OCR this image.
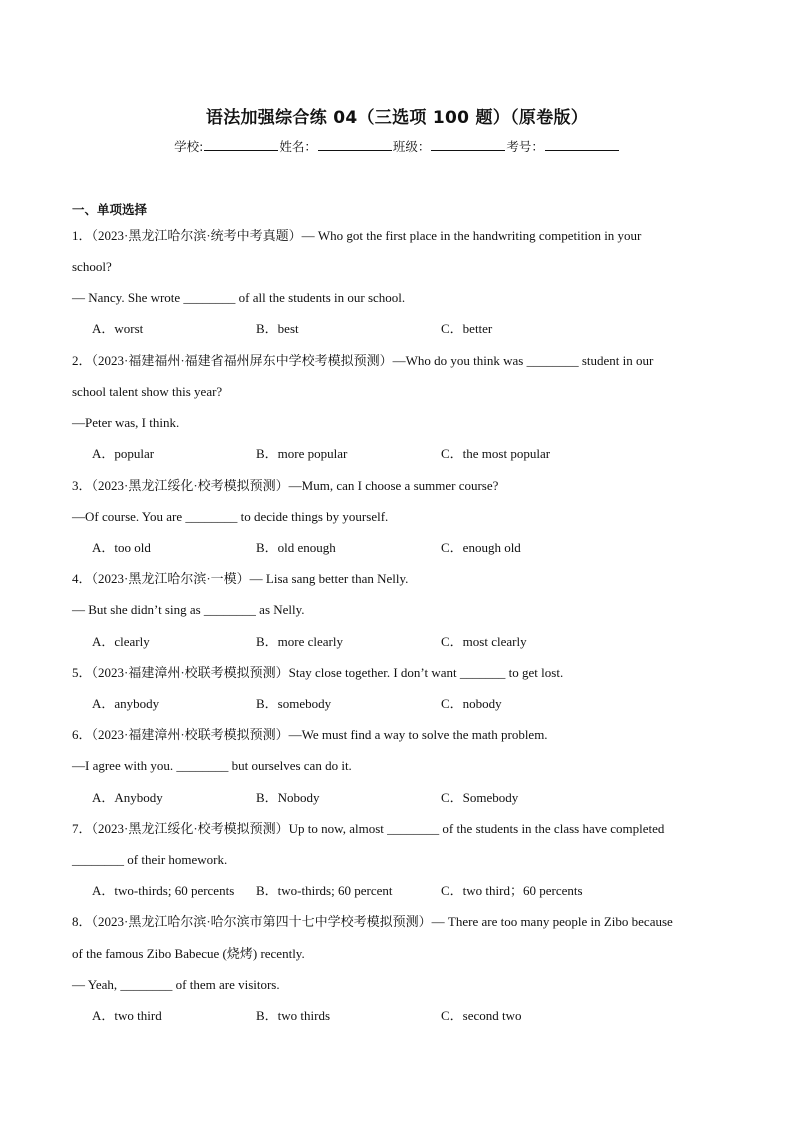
语法加强综合练 04（三选项 100 题）（原卷版）
学校:	姓名：	班级：	考号：
一、单项选择
1．（2023·黑龙江哈尔滨·统考中考真题）— Who got the first place in the handwriting competition in your
school?
— Nancy. She wrote ________ of all the students in our school.
A．worst	B．best	C．better
2．（2023·福建福州·福建省福州屏东中学校考模拟预测）—Who do you think was ________ student in our
school talent show this year?
—Peter was, I think.
A．popular	B．more popular	C．the most popular
3．（2023·黑龙江绥化·校考模拟预测）—Mum, can I choose a summer course?
—Of course. You are ________ to decide things by yourself.
A．too old	B．old enough	C．enough old
4．（2023·黑龙江哈尔滨·一模）— Lisa sang better than Nelly.
— But she didn’t sing as ________ as Nelly.
A．clearly	B．more clearly	C．most clearly
5．（2023·福建漳州·校联考模拟预测）Stay close together. I don’t want _______ to get lost.
A．anybody	B．somebody	C．nobody
6．（2023·福建漳州·校联考模拟预测）—We must find a way to solve the math problem.
—I agree with you. ________ but ourselves can do it.
A．Anybody	B．Nobody	C．Somebody
7．（2023·黑龙江绥化·校考模拟预测）Up to now, almost ________ of the students in the class have completed
________ of their homework.
A．two-thirds; 60 percents B．two-thirds; 60 percent	C．two third；60 percents
8．（2023·黑龙江哈尔滨·哈尔滨市第四十七中学校考模拟预测）— There are too many people in Zibo because
of the famous Zibo Babecue (烧烤) recently.
— Yeah, ________ of them are visitors.
A．two third	B．two thirds	C．second two
